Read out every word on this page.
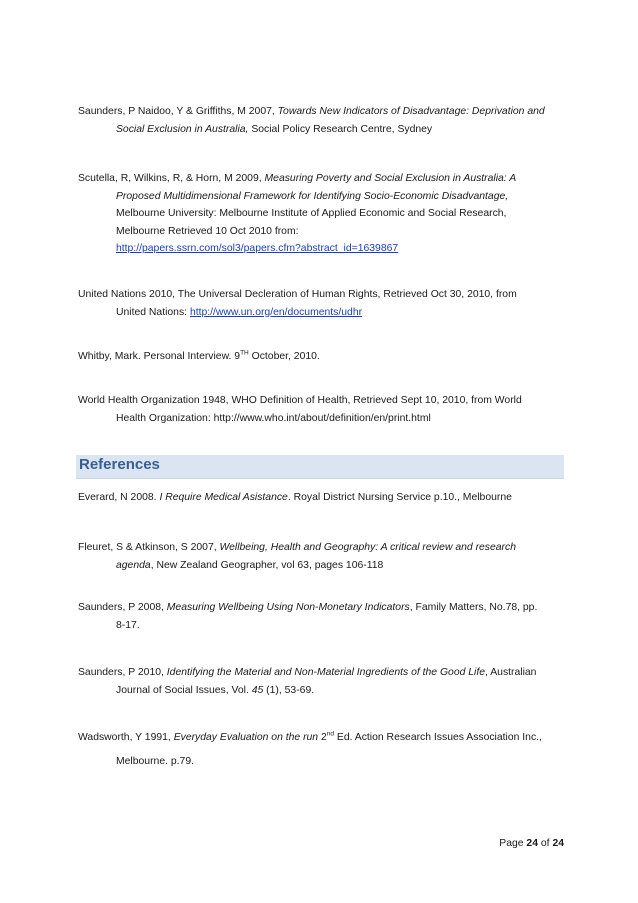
Saunders, P Naidoo, Y & Griffiths, M 2007, Towards New Indicators of Disadvantage: Deprivation and
Social Exclusion in Australia, Social Policy Research Centre, Sydney
Scutella, R, Wilkins, R, & Horn, M 2009, Measuring Poverty and Social Exclusion in Australia: A
Proposed Multidimensional Framework for Identifying Socio-Economic Disadvantage,
Melbourne University: Melbourne Institute of Applied Economic and Social Research,
Melbourne Retrieved 10 Oct 2010 from:
http://papers.ssrn.com/sol3/papers.cfm?abstract_id=1639867
United Nations 2010, The Universal Decleration of Human Rights, Retrieved Oct 30, 2010, from
United Nations: http://www.un.org/en/documents/udhr
Whitby, Mark. Personal Interview. 9TH October, 2010.
World Health Organization 1948, WHO Definition of Health, Retrieved Sept 10, 2010, from World
Health Organization: http://www.who.int/about/definition/en/print.html
References
Everard, N 2008. I Require Medical Asistance. Royal District Nursing Service p.10., Melbourne
Fleuret, S & Atkinson, S 2007, Wellbeing, Health and Geography: A critical review and research
agenda, New Zealand Geographer, vol 63, pages 106-118
Saunders, P 2008, Measuring Wellbeing Using Non-Monetary Indicators, Family Matters, No.78, pp.
8-17.
Saunders, P 2010, Identifying the Material and Non-Material Ingredients of the Good Life, Australian
Journal of Social Issues, Vol. 45 (1), 53-69.
Wadsworth, Y 1991, Everyday Evaluation on the run 2nd Ed. Action Research Issues Association Inc.,
Melbourne. p.79.
Page 24 of 24
